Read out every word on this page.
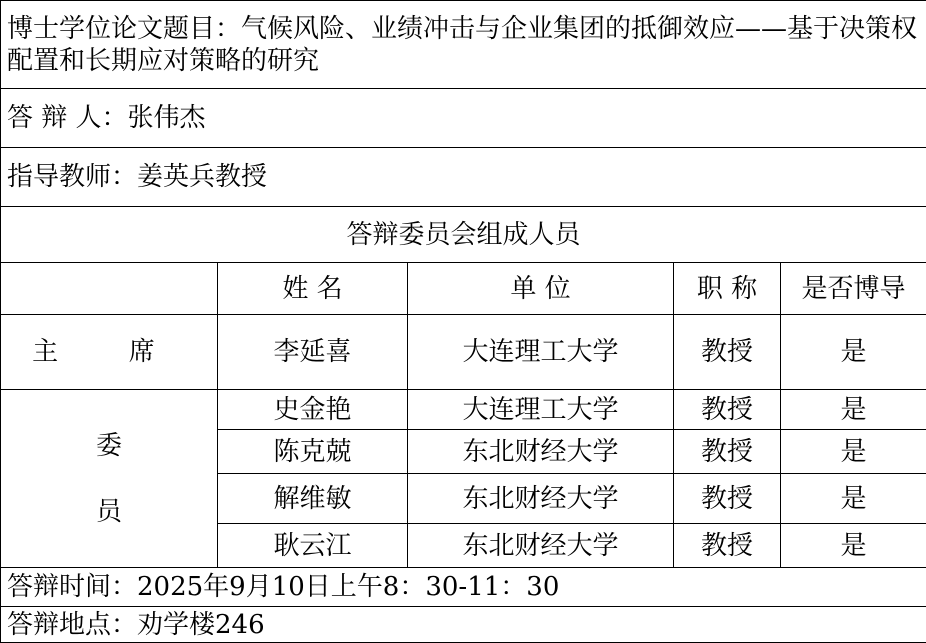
博士学位论文题目：气候风险、业绩冲击与企业集团的抵御效应——基于决策权配置和长期应对策略的研究				
答 辩 人：张伟杰				
指导教师：姜英兵教授				
答辩委员会组成人员				
	姓 名	单 位	职 称	是否博导
主 席	李延喜	大连理工大学	教授	是

委
员	史金艳	大连理工大学	教授	是
	陈克兢	东北财经大学	教授	是
	解维敏	东北财经大学	教授	是
	耿云江	东北财经大学	教授	是
答辩时间：2025年9月10日上午8：30-11：30				
答辩地点：劝学楼246				
